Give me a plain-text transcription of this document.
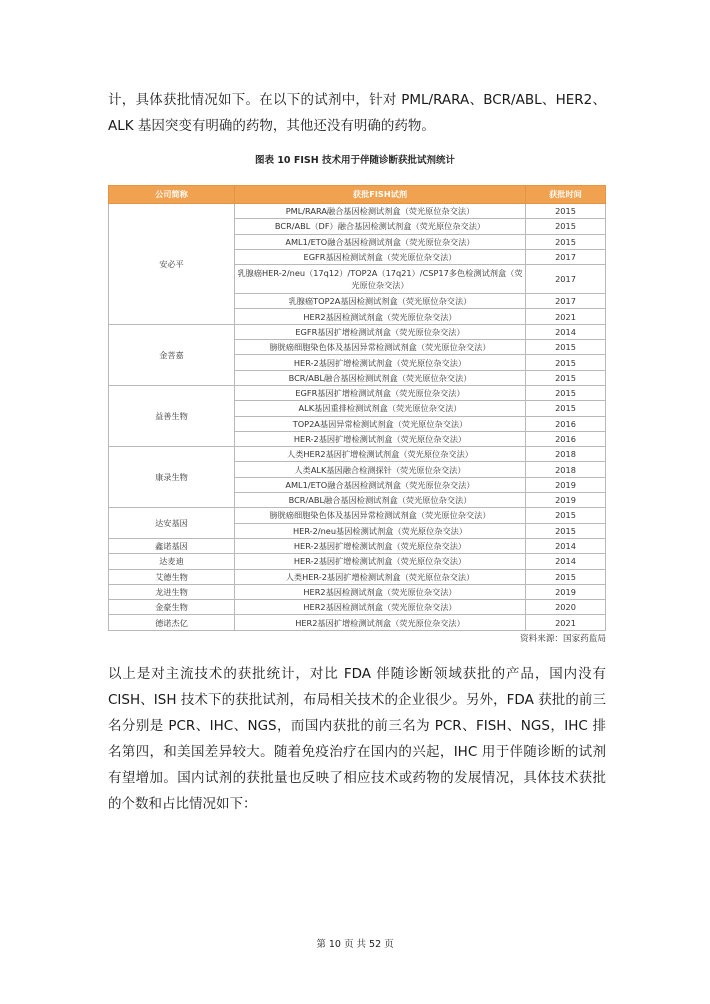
计，具体获批情况如下。在以下的试剂中，针对 PML/RARA、BCR/ABL、HER2、ALK 基因突变有明确的药物，其他还没有明确的药物。

图表 10 FISH 技术用于伴随诊断获批试剂统计
公司简称	获批FISH试剂	获批时间
安必平	PML/RARA融合基因检测试剂盒（荧光原位杂交法）	2015
	BCR/ABL（DF）融合基因检测试剂盒（荧光原位杂交法）	2015
	AML1/ETO融合基因检测试剂盒（荧光原位杂交法）	2015
	EGFR基因检测试剂盒（荧光原位杂交法）	2017
	乳腺癌HER-2/neu（17q12）/TOP2A（17q21）/CSP17多色检测试剂盒（荧光原位杂交法）	2017
	乳腺癌TOP2A基因检测试剂盒（荧光原位杂交法）	2017
	HER2基因检测试剂盒（荧光原位杂交法）	2021
金菩嘉	EGFR基因扩增检测试剂盒（荧光原位杂交法）	2014
	膀胱癌细胞染色体及基因异常检测试剂盒（荧光原位杂交法）	2015
	HER-2基因扩增检测试剂盒（荧光原位杂交法）	2015
	BCR/ABL融合基因检测试剂盒（荧光原位杂交法）	2015
益善生物	EGFR基因扩增检测试剂盒（荧光原位杂交法）	2015
	ALK基因重排检测试剂盒（荧光原位杂交法）	2015
	TOP2A基因异常检测试剂盒（荧光原位杂交法）	2016
	HER-2基因扩增检测试剂盒（荧光原位杂交法）	2016
康录生物	人类HER2基因扩增检测试剂盒（荧光原位杂交法）	2018
	人类ALK基因融合检测探针（荧光原位杂交法）	2018
	AML1/ETO融合基因检测试剂盒（荧光原位杂交法）	2019
	BCR/ABL融合基因检测试剂盒（荧光原位杂交法）	2019
达安基因	膀胱癌细胞染色体及基因异常检测试剂盒（荧光原位杂交法）	2015
	HER-2/neu基因检测试剂盒（荧光原位杂交法）	2015
鑫诺基因	HER-2基因扩增检测试剂盒（荧光原位杂交法）	2014
达麦迪	HER-2基因扩增检测试剂盒（荧光原位杂交法）	2014
艾德生物	人类HER-2基因扩增检测试剂盒（荧光原位杂交法）	2015
龙进生物	HER2基因检测试剂盒（荧光原位杂交法）	2019
金豪生物	HER2基因检测试剂盒（荧光原位杂交法）	2020
德诺杰亿	HER2基因扩增检测试剂盒（荧光原位杂交法）	2021
资料来源：国家药监局

以上是对主流技术的获批统计，对比 FDA 伴随诊断领域获批的产品，国内没有 CISH、ISH 技术下的获批试剂，布局相关技术的企业很少。另外，FDA 获批的前三名分别是 PCR、IHC、NGS，而国内获批的前三名为 PCR、FISH、NGS，IHC 排名第四，和美国差异较大。随着免疫治疗在国内的兴起，IHC 用于伴随诊断的试剂有望增加。国内试剂的获批量也反映了相应技术或药物的发展情况，具体技术获批的个数和占比情况如下：

第 10 页 共 52 页
